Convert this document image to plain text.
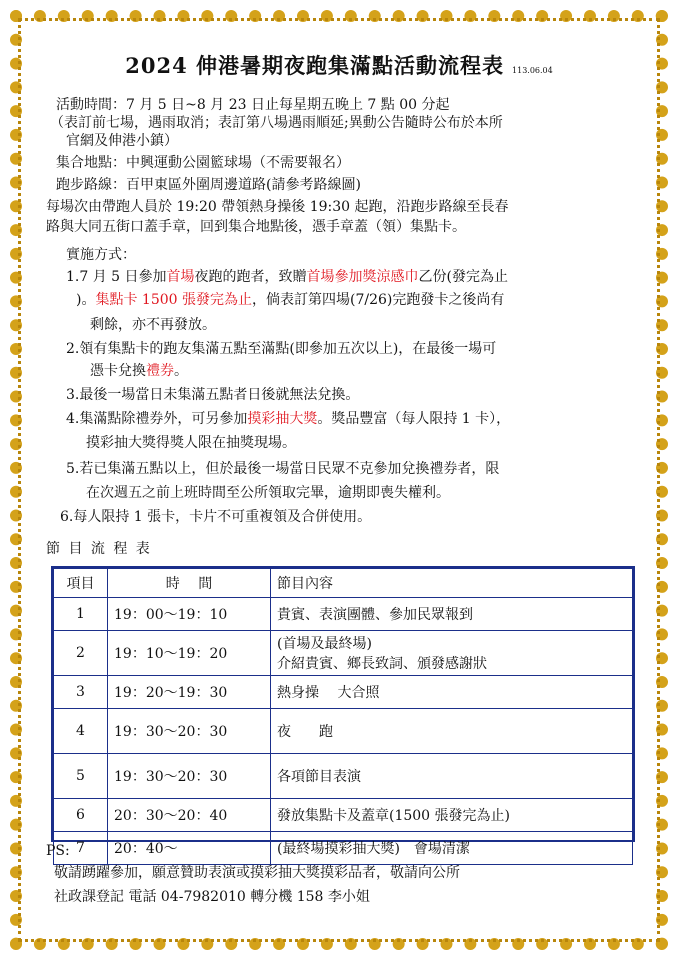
2024 伸港暑期夜跑集滿點活動流程表 113.06.04
活動時間：7 月 5 日~8 月 23 日止每星期五晚上 7 點 00 分起
（表訂前七場，遇雨取消；表訂第八場遇雨順延;異動公告隨時公布於本所
官網及伸港小鎮）
集合地點：中興運動公園籃球場（不需要報名）
跑步路線：百甲東區外圍周邊道路(請參考路線圖)
每場次由帶跑人員於 19:20 帶領熱身操後 19:30 起跑，沿跑步路線至長春
路與大同五街口蓋手章，回到集合地點後，憑手章蓋（領）集點卡。
實施方式：
1.7 月 5 日參加首場夜跑的跑者，致贈首場參加獎涼感巾乙份(發完為止
)。集點卡 1500 張發完為止，倘表訂第四場(7/26)完跑發卡之後尚有
剩餘，亦不再發放。
2.領有集點卡的跑友集滿五點至滿點(即參加五次以上)，在最後一場可
憑卡兌換禮券。
3.最後一場當日未集滿五點者日後就無法兌換。
4.集滿點除禮券外，可另參加摸彩抽大獎。獎品豐富（每人限持 1 卡），
摸彩抽大獎得獎人限在抽獎現場。
5.若已集滿五點以上，但於最後一場當日民眾不克參加兌換禮券者，限
在次週五之前上班時間至公所領取完畢，逾期即喪失權利。
6.每人限持 1 張卡，卡片不可重複領及合併使用。
節 目 流 程 表
項目	時　 間	節目內容
1	19：00～19：10	貴賓、表演團體、參加民眾報到
2	19：10～19：20	(首場及最終場)
介紹貴賓、鄉長致詞、頒發感謝狀

3	19：20～19：30	熱身操　 大合照
4	19：30～20：30	夜　　跑
5	19：30～20：30	各項節目表演
6	20：30～20：40	發放集點卡及蓋章(1500 張發完為止)
7	20：40～	(最終場摸彩抽大獎)　會場清潔
PS:
敬請踴躍參加，願意贊助表演或摸彩抽大獎摸彩品者，敬請向公所
社政課登記 電話 04-7982010 轉分機 158 李小姐
